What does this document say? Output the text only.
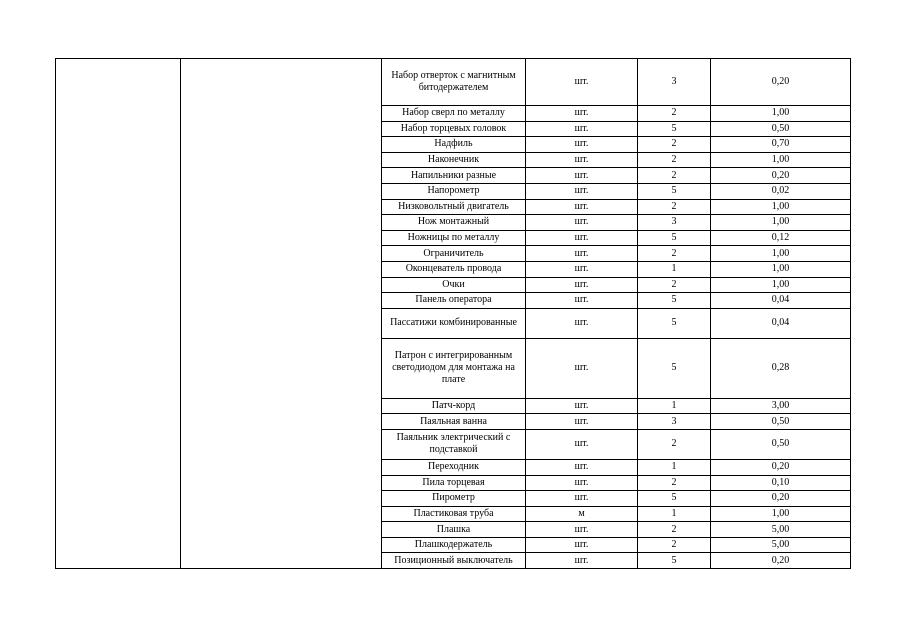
		Набор отверток с магнитным битодержателем	шт.	3	0,20
		Набор сверл по металлу	шт.	2	1,00
		Набор торцевых головок	шт.	5	0,50
		Надфиль	шт.	2	0,70
		Наконечник	шт.	2	1,00
		Напильники разные	шт.	2	0,20
		Напорометр	шт.	5	0,02
		Низковольтный двигатель	шт.	2	1,00
		Нож монтажный	шт.	3	1,00
		Ножницы по металлу	шт.	5	0,12
		Ограничитель	шт.	2	1,00
		Оконцеватель провода	шт.	1	1,00
		Очки	шт.	2	1,00
		Панель оператора	шт.	5	0,04
		Пассатижи комбинированные	шт.	5	0,04
		Патрон с интегрированным светодиодом для монтажа на плате	шт.	5	0,28
		Патч-корд	шт.	1	3,00
		Паяльная ванна	шт.	3	0,50
		Паяльник электрический с подставкой	шт.	2	0,50
		Переходник	шт.	1	0,20
		Пила торцевая	шт.	2	0,10
		Пирометр	шт.	5	0,20
		Пластиковая труба	м	1	1,00
		Плашка	шт.	2	5,00
		Плашкодержатель	шт.	2	5,00
		Позиционный выключатель	шт.	5	0,20
